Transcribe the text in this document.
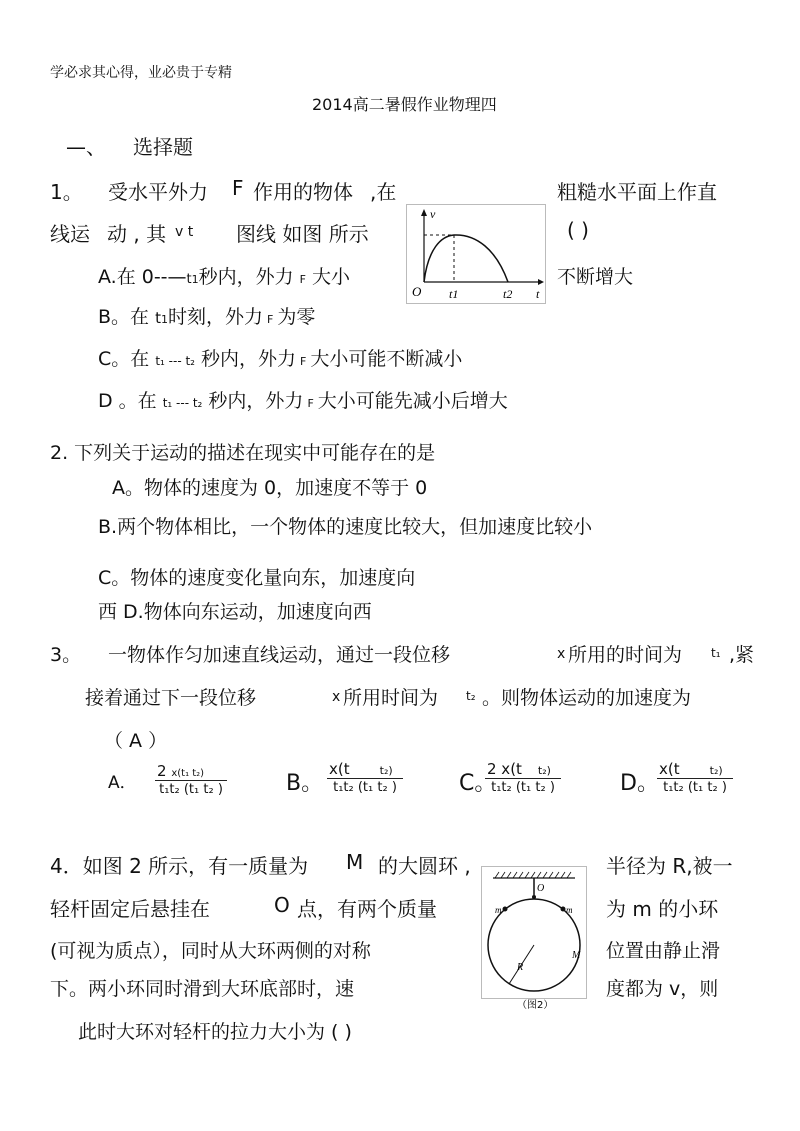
学必求其心得，业必贵于专精
2014高二暑假作业物理四
—、 选择题
1。 受水平外力 F 作用的物体 ,在	粗糙水平面上作直
线运 动 , 其 v t 图线 如图 所示	( )
A.在 0--—t1秒内，外力 F 大小	不断增大
B。在 t1时刻，外力 F 为零
C。在 t₁ --- t₂ 秒内，外力 F 大小可能不断减小
D 。在 t₁ --- t₂ 秒内，外力 F 大小可能先减小后增大
v
O t1	t2 t
2. 下列关于运动的描述在现实中可能存在的是
A。物体的速度为 0，加速度不等于 0
B.两个物体相比，一个物体的速度比较大，但加速度比较小
C。物体的速度变化量向东，加速度向
西 D.物体向东运动，加速度向西
3。 一物体作匀加速直线运动，通过一段位移	x 所用的时间为 t₁ ,紧
接着通过下一段位移	x 所用时间为 t₂ 。则物体运动的加速度为
（ A ）
A． $\frac{\text{2 x(t₁ t₂)}}{\text{t₁t₂ (t₁ t₂ )}}$	B。 x(t	t₂)
t₁t₂ (t₁ t₂ )	C。
$\frac{\text{2 x(t t₂)}}{\text{t₁t₂ (t₁ t₂ )}}$	D。
x(t	t₂)
t₁t₂ (t₁ t₂ )
4．如图 2 所示，有一质量为 M 的大圆环 ,	半径为 R,被一
轻杆固定后悬挂在	O 点，有两个质量	为 m 的小环
(可视为质点），同时从大环两侧的对称	位置由静止滑
下。两小环同时滑到大环底部时，速	度都为 v，则
此时大环对轻杆的拉力大小为 ( )
O
m	m
R
M
（图2）
